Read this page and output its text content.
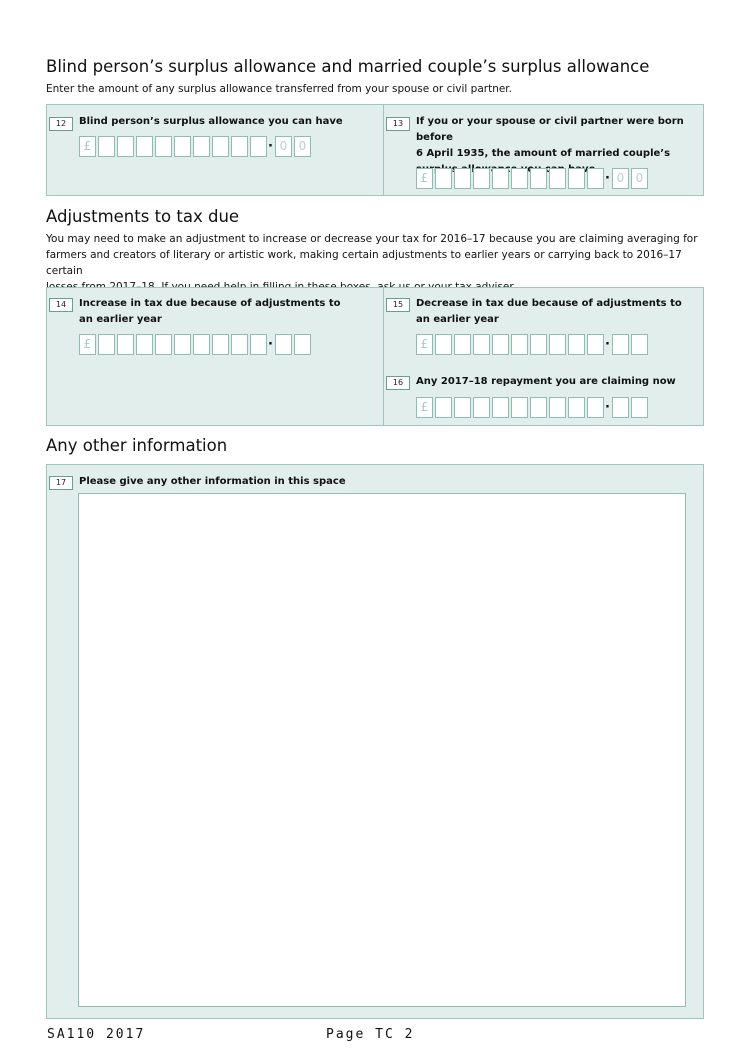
Blind person’s surplus allowance and married couple’s surplus allowance
Enter the amount of any surplus allowance transferred from your spouse or civil partner.
12	Blind person’s surplus allowance you can have
£	· 0 0
13	If you or your spouse or civil partner were born before
6 April 1935, the amount of married couple’s
£	· 0 0
Adjustments to tax due
You may need to make an adjustment to increase or decrease your tax for 2016–17 because you are claiming averaging for
farmers and creators of literary or artistic work, making certain adjustments to earlier years or carrying back to 2016–17 certain
14	Increase in tax due because of adjustments to
an earlier year
£	·
15	Decrease in tax due because of adjustments to
an earlier year
£	·
16	Any 2017–18 repayment you are claiming now
£	·
Any other information
17	Please give any other information in this space
SA110 2017	Page TC 2
